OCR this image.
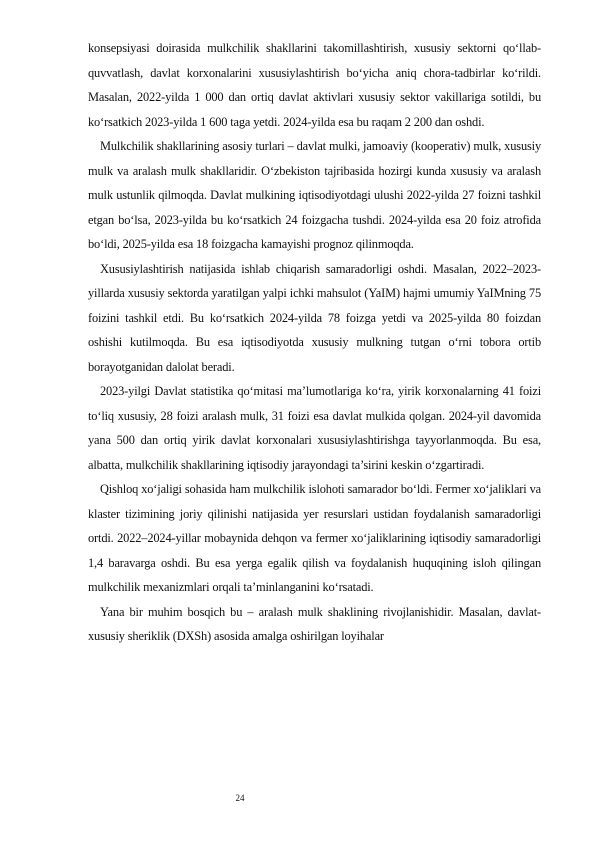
konsepsiyasi doirasida mulkchilik shakllarini takomillashtirish, xususiy sektorni qo‘llab-quvvatlash, davlat korxonalarini xususiylashtirish bo‘yicha aniq chora-tadbirlar ko‘rildi. Masalan, 2022-yilda 1 000 dan ortiq davlat aktivlari xususiy sektor vakillariga sotildi, bu ko‘rsatkich 2023-yilda 1 600 taga yetdi. 2024-yilda esa bu raqam 2 200 dan oshdi.

Mulkchilik shakllarining asosiy turlari – davlat mulki, jamoaviy (kooperativ) mulk, xususiy mulk va aralash mulk shakllaridir. O‘zbekiston tajribasida hozirgi kunda xususiy va aralash mulk ustunlik qilmoqda. Davlat mulkining iqtisodiyotdagi ulushi 2022-yilda 27 foizni tashkil etgan bo‘lsa, 2023-yilda bu ko‘rsatkich 24 foizgacha tushdi. 2024-yilda esa 20 foiz atrofida bo‘ldi, 2025-yilda esa 18 foizgacha kamayishi prognoz qilinmoqda.

Xususiylashtirish natijasida ishlab chiqarish samaradorligi oshdi. Masalan, 2022–2023-yillarda xususiy sektorda yaratilgan yalpi ichki mahsulot (YaIM) hajmi umumiy YaIMning 75 foizini tashkil etdi. Bu ko‘rsatkich 2024-yilda 78 foizga yetdi va 2025-yilda 80 foizdan oshishi kutilmoqda. Bu esa iqtisodiyotda xususiy mulkning tutgan o‘rni tobora ortib borayotganidan dalolat beradi.

2023-yilgi Davlat statistika qo‘mitasi ma’lumotlariga ko‘ra, yirik korxonalarning 41 foizi to‘liq xususiy, 28 foizi aralash mulk, 31 foizi esa davlat mulkida qolgan. 2024-yil davomida yana 500 dan ortiq yirik davlat korxonalari xususiylashtirishga tayyorlanmoqda. Bu esa, albatta, mulkchilik shakllarining iqtisodiy jarayondagi ta’sirini keskin o‘zgartiradi.

Qishloq xo‘jaligi sohasida ham mulkchilik islohoti samarador bo‘ldi. Fermer xo‘jaliklari va klaster tizimining joriy qilinishi natijasida yer resurslari ustidan foydalanish samaradorligi ortdi. 2022–2024-yillar mobaynida dehqon va fermer xo‘jaliklarining iqtisodiy samaradorligi 1,4 baravarga oshdi. Bu esa yerga egalik qilish va foydalanish huquqining isloh qilingan mulkchilik mexanizmlari orqali ta’minlanganini ko‘rsatadi.

Yana bir muhim bosqich bu – aralash mulk shaklining rivojlanishidir. Masalan, davlat-xususiy sheriklik (DXSh) asosida amalga oshirilgan loyihalar

24
